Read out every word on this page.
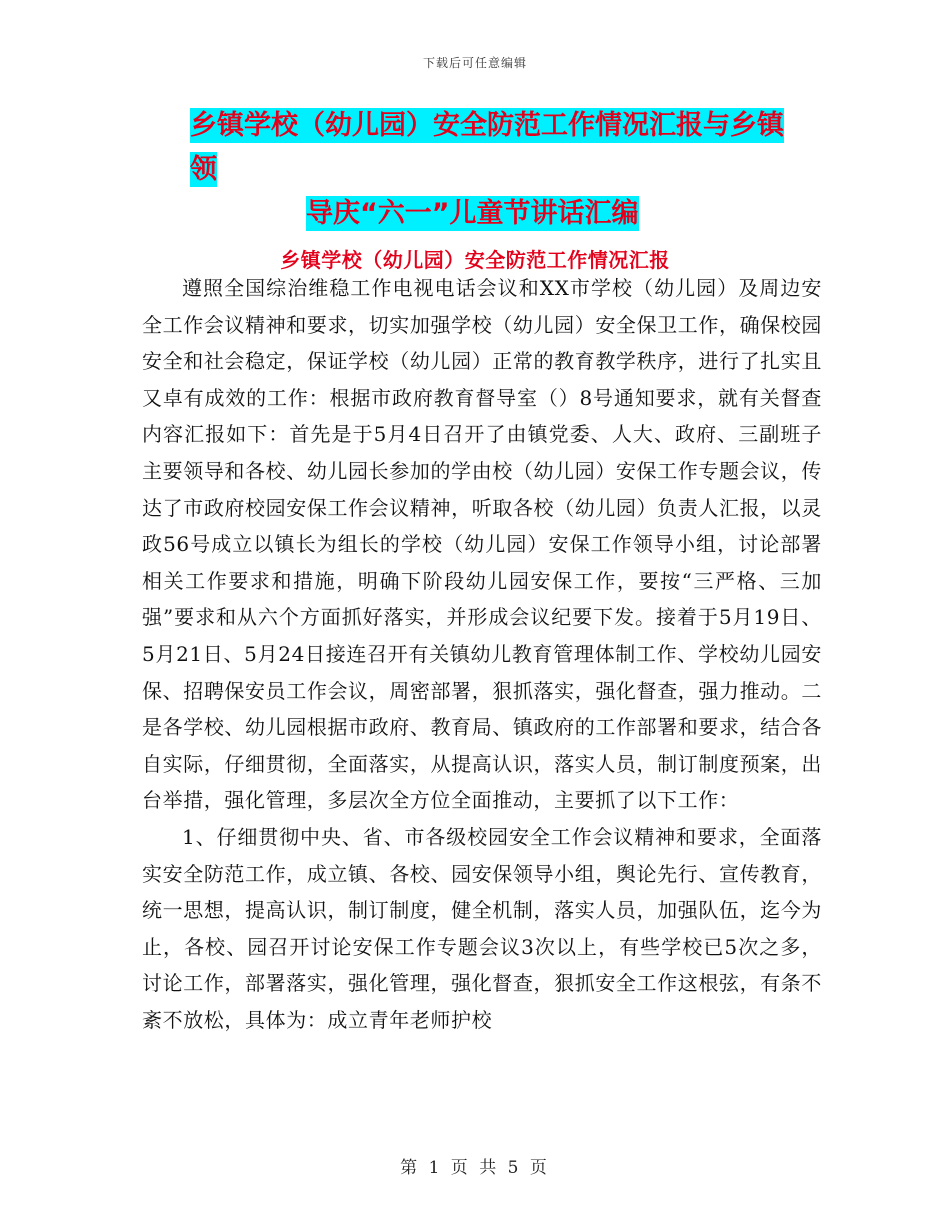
下载后可任意编辑
乡镇学校（幼儿园）安全防范工作情况汇报与乡镇领
导庆“六一”儿童节讲话汇编
乡镇学校（幼儿园）安全防范工作情况汇报

遵照全国综治维稳工作电视电话会议和XX市学校（幼儿园）及周边安全工作会议精神和要求，切实加强学校（幼儿园）安全保卫工作，确保校园安全和社会稳定，保证学校（幼儿园）正常的教育教学秩序，进行了扎实且又卓有成效的工作：根据市政府教育督导室（）8号通知要求，就有关督查内容汇报如下：首先是于5月4日召开了由镇党委、人大、政府、三副班子主要领导和各校、幼儿园长参加的学由校（幼儿园）安保工作专题会议，传达了市政府校园安保工作会议精神，听取各校（幼儿园）负责人汇报，以灵政56号成立以镇长为组长的学校（幼儿园）安保工作领导小组，讨论部署相关工作要求和措施，明确下阶段幼儿园安保工作，要按“三严格、三加强”要求和从六个方面抓好落实，并形成会议纪要下发。接着于5月19日、5月21日、5月24日接连召开有关镇幼儿教育管理体制工作、学校幼儿园安保、招聘保安员工作会议，周密部署，狠抓落实，强化督查，强力推动。二是各学校、幼儿园根据市政府、教育局、镇政府的工作部署和要求，结合各自实际，仔细贯彻，全面落实，从提高认识，落实人员，制订制度预案，出台举措，强化管理，多层次全方位全面推动，主要抓了以下工作：

1、仔细贯彻中央、省、市各级校园安全工作会议精神和要求，全面落实安全防范工作，成立镇、各校、园安保领导小组，舆论先行、宣传教育，统一思想，提高认识，制订制度，健全机制，落实人员，加强队伍，迄今为止，各校、园召开讨论安保工作专题会议3次以上，有些学校已5次之多，讨论工作，部署落实，强化管理，强化督查，狠抓安全工作这根弦，有条不紊不放松，具体为：成立青年老师护校

第 1 页 共 5 页
